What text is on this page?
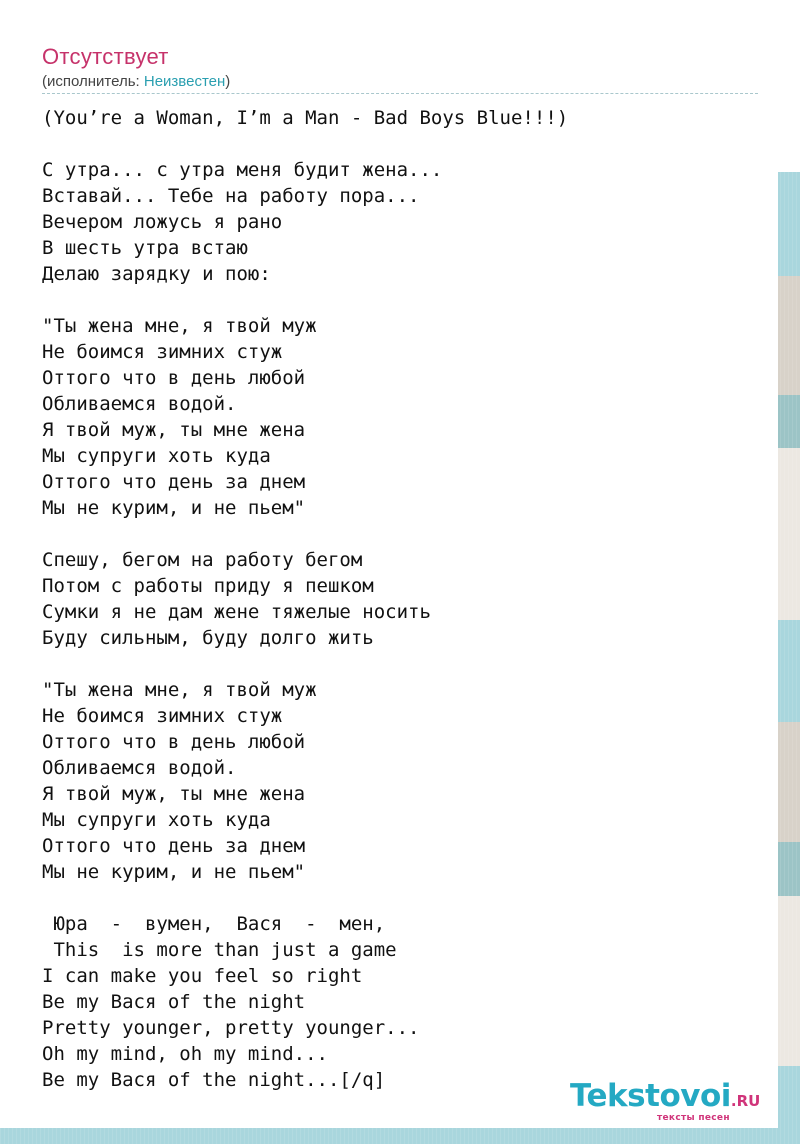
Отсутствует
(исполнитель: Неизвестен)
(You’re a Woman, I’m a Man - Bad Boys Blue!!!)

С утра... с утра меня будит жена...
Вставай... Тебе на работу пора...
Вечером ложусь я рано
В шесть утра встаю
Делаю зарядку и пою:

"Ты жена мне, я твой муж
Не боимся зимних стуж
Оттого что в день любой
Обливаемся водой.
Я твой муж, ты мне жена
Мы супруги хоть куда
Оттого что день за днем
Мы не курим, и не пьем"

Спешу, бегом на работу бегом
Потом с работы приду я пешком
Сумки я не дам жене тяжелые носить
Буду сильным, буду долго жить

"Ты жена мне, я твой муж
Не боимся зимних стуж
Оттого что в день любой
Обливаемся водой.
Я твой муж, ты мне жена
Мы супруги хоть куда
Оттого что день за днем
Мы не курим, и не пьем"

Юра  -  вумен,  Вася  -  мен,
This  is more than just a game
I can make you feel so right
Be my Вася of the night
Pretty younger, pretty younger...
Oh my mind, oh my mind...
Be my Вася of the night...[/q]	Tekstovoi.RU
тексты песен
